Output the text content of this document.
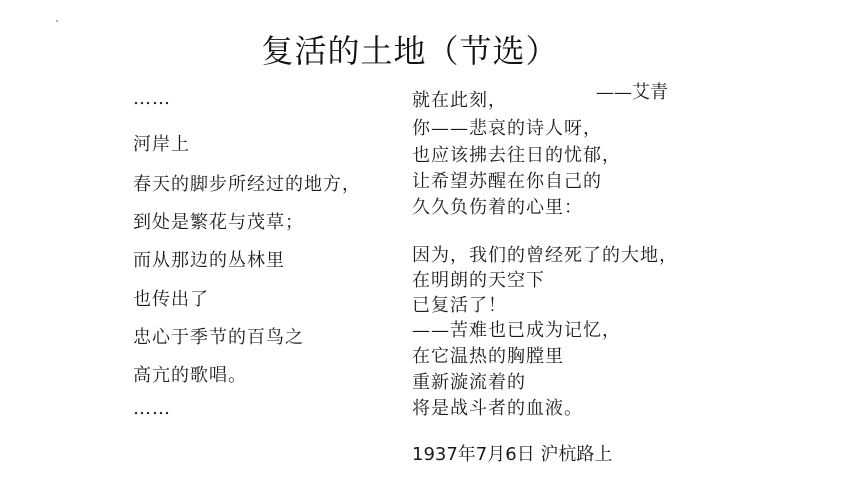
复活的土地（节选）
——艾青
……
河岸上
春天的脚步所经过的地方，
到处是繁花与茂草；
而从那边的丛林里
也传出了
忠心于季节的百鸟之
高亢的歌唱。
……
就在此刻，
你——悲哀的诗人呀，
也应该拂去往日的忧郁，
让希望苏醒在你自己的
久久负伤着的心里：
因为，我们的曾经死了的大地，
在明朗的天空下
已复活了！
——苦难也已成为记忆，
在它温热的胸膛里
重新漩流着的
将是战斗者的血液。
1937年7月6日 沪杭路上
